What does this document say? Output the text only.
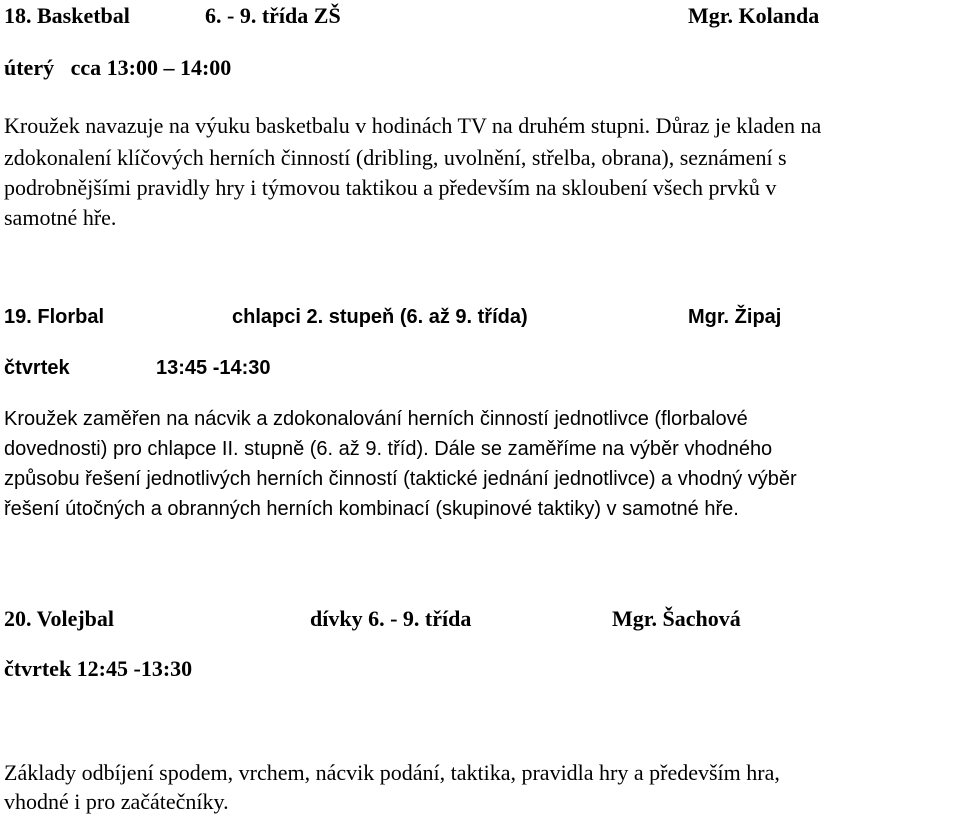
18. Basketbal	6. - 9. třída ZŠ	Mgr. Kolanda
úterý   cca 13:00 – 14:00
Kroužek navazuje na výuku basketbalu v hodinách TV na druhém stupni. Důraz je kladen na
zdokonalení klíčových herních činností (dribling, uvolnění, střelba, obrana), seznámení s
podrobnějšími pravidly hry i týmovou taktikou a především na skloubení všech prvků v
samotné hře.
19. Florbal	chlapci 2. stupeň (6. až 9. třída)	Mgr. Žipaj
čtvrtek	13:45 -14:30
Kroužek zaměřen na nácvik a zdokonalování herních činností jednotlivce (florbalové
dovednosti) pro chlapce II. stupně (6. až 9. tříd). Dále se zaměříme na výběr vhodného
způsobu řešení jednotlivých herních činností (taktické jednání jednotlivce) a vhodný výběr
řešení útočných a obranných herních kombinací (skupinové taktiky) v samotné hře.
20. Volejbal	dívky 6. - 9. třída	Mgr. Šachová
čtvrtek 12:45 -13:30
Základy odbíjení spodem, vrchem, nácvik podání, taktika, pravidla hry a především hra,
vhodné i pro začátečníky.
